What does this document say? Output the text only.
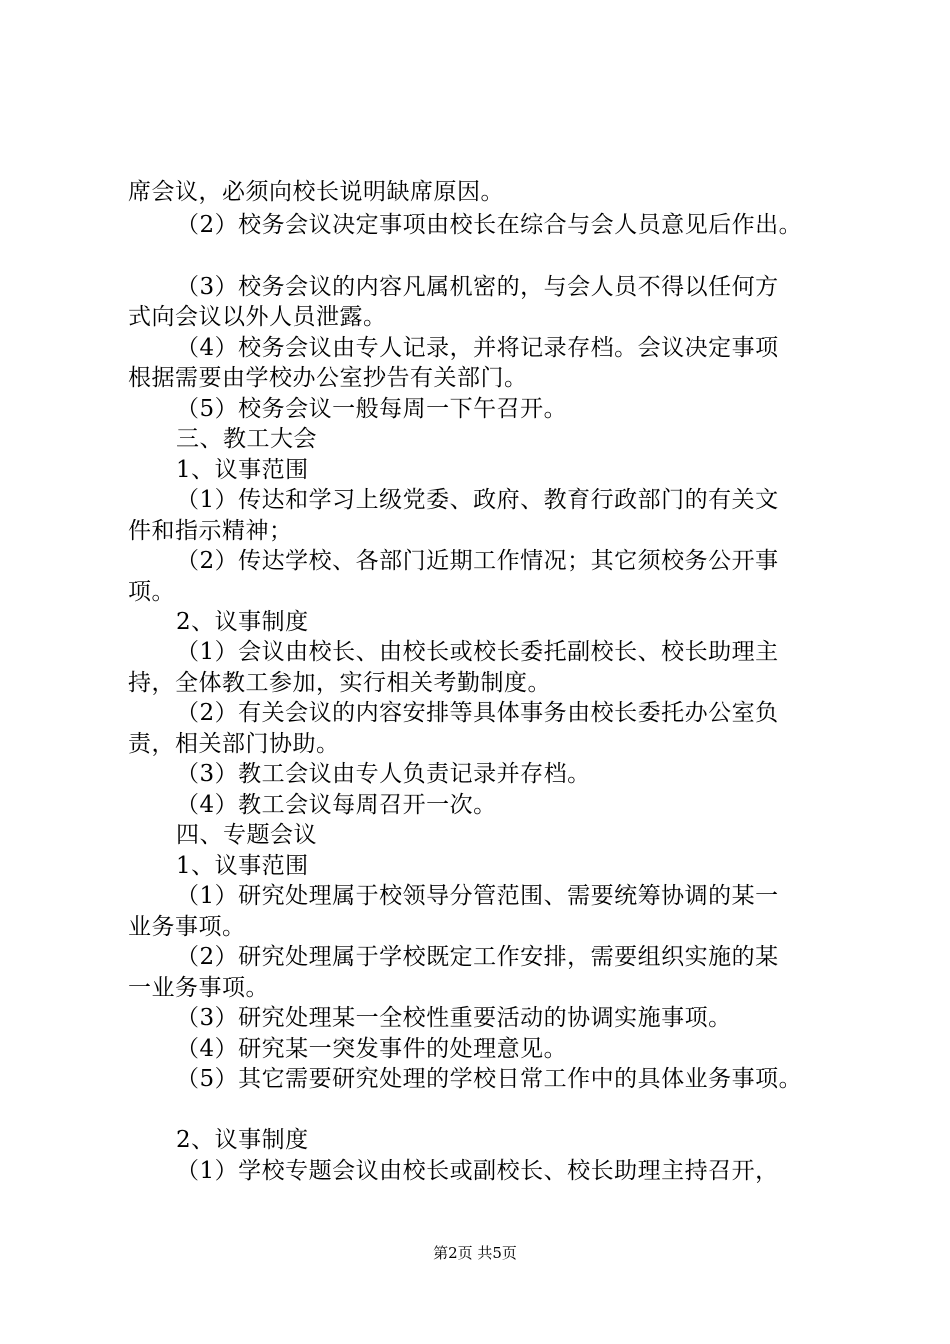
席会议，必须向校长说明缺席原因。
（2）校务会议决定事项由校长在综合与会人员意见后作出。
（3）校务会议的内容凡属机密的，与会人员不得以任何方
式向会议以外人员泄露。
（4）校务会议由专人记录，并将记录存档。会议决定事项
根据需要由学校办公室抄告有关部门。
（5）校务会议一般每周一下午召开。
三、教工大会
1、议事范围
（1）传达和学习上级党委、政府、教育行政部门的有关文
件和指示精神；
（2）传达学校、各部门近期工作情况；其它须校务公开事
项。
2、议事制度
（1）会议由校长、由校长或校长委托副校长、校长助理主
持，全体教工参加，实行相关考勤制度。
（2）有关会议的内容安排等具体事务由校长委托办公室负
责，相关部门协助。
（3）教工会议由专人负责记录并存档。
（4）教工会议每周召开一次。
四、专题会议
1、议事范围
（1）研究处理属于校领导分管范围、需要统筹协调的某一
业务事项。
（2）研究处理属于学校既定工作安排，需要组织实施的某
一业务事项。
（3）研究处理某一全校性重要活动的协调实施事项。
（4）研究某一突发事件的处理意见。
（5）其它需要研究处理的学校日常工作中的具体业务事项。
2、议事制度
（1）学校专题会议由校长或副校长、校长助理主持召开，
第2页 共5页
